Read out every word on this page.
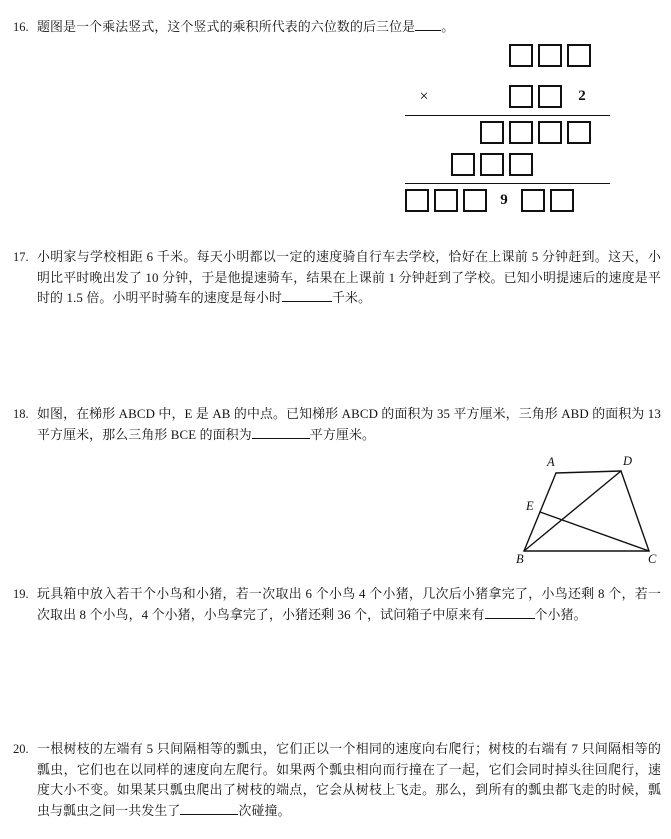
16. 题图是一个乘法竖式，这个竖式的乘积所代表的六位数的后三位是 。
×	2
9
17. 小明家与学校相距 6 千米。每天小明都以一定的速度骑自行车去学校，恰好在上课前 5 分钟赶到。这天，小明比平时晚出发了 10 分钟，于是他提速骑车，结果在上课前 1 分钟赶到了学校。已知小明提速后的速度是平时的 1.5 倍。小明平时骑车的速度是每小时	千米。
18. 如图，在梯形 ABCD 中，E 是 AB 的中点。已知梯形 ABCD 的面积为 35 平方厘米，三角形 ABD 的面积为 13 平方厘米，那么三角形 BCE 的面积为	平方厘米。
A	D
B	C
E
19. 玩具箱中放入若干个小鸟和小猪，若一次取出 6 个小鸟 4 个小猪，几次后小猪拿完了，小鸟还剩 8 个，若一次取出 8 个小鸟，4 个小猪，小鸟拿完了，小猪还剩 36 个，试问箱子中原来有	个小猪。
20. 一根树枝的左端有 5 只间隔相等的瓢虫，它们正以一个相同的速度向右爬行；树枝的右端有 7 只间隔相等的瓢虫，它们也在以同样的速度向左爬行。如果两个瓢虫相向而行撞在了一起，它们会同时掉头往回爬行，速度大小不变。如果某只瓢虫爬出了树枝的端点，它会从树枝上飞走。那么，到所有的瓢虫都飞走的时候，瓢虫与瓢虫之间一共发生了	次碰撞。
